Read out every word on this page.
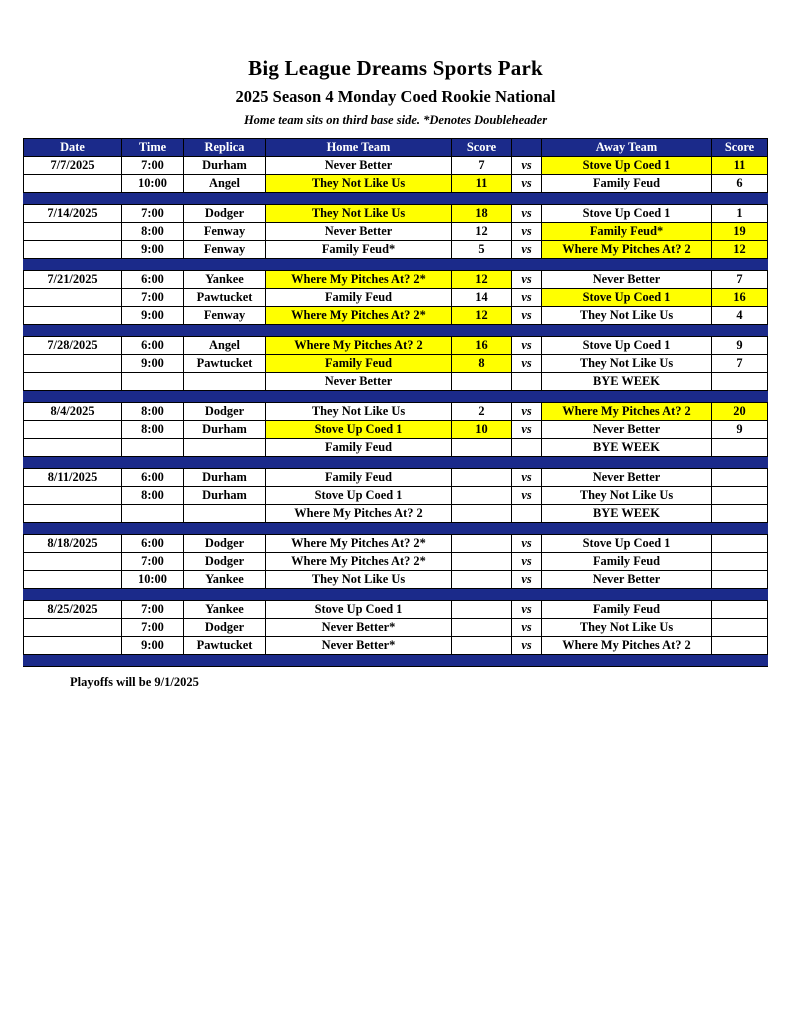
Big League Dreams Sports Park
2025 Season 4 Monday Coed Rookie National
Home team sits on third base side. *Denotes Doubleheader
Date	Time	Replica	Home Team	Score		Away Team	Score
7/7/2025	7:00	Durham	Never Better	7	vs	Stove Up Coed 1	11
	10:00	Angel	They Not Like Us	11	vs	Family Feud	6

7/14/2025	7:00	Dodger	They Not Like Us	18	vs	Stove Up Coed 1	1
	8:00	Fenway	Never Better	12	vs	Family Feud*	19
	9:00	Fenway	Family Feud*	5	vs	Where My Pitches At? 2	12

7/21/2025	6:00	Yankee	Where My Pitches At? 2*	12	vs	Never Better	7
	7:00	Pawtucket	Family Feud	14	vs	Stove Up Coed 1	16
	9:00	Fenway	Where My Pitches At? 2*	12	vs	They Not Like Us	4

7/28/2025	6:00	Angel	Where My Pitches At? 2	16	vs	Stove Up Coed 1	9
	9:00	Pawtucket	Family Feud	8	vs	They Not Like Us	7
			Never Better			BYE WEEK	

8/4/2025	8:00	Dodger	They Not Like Us	2	vs	Where My Pitches At? 2	20
	8:00	Durham	Stove Up Coed 1	10	vs	Never Better	9
			Family Feud			BYE WEEK	

8/11/2025	6:00	Durham	Family Feud		vs	Never Better	
	8:00	Durham	Stove Up Coed 1		vs	They Not Like Us	
			Where My Pitches At? 2			BYE WEEK	

8/18/2025	6:00	Dodger	Where My Pitches At? 2*		vs	Stove Up Coed 1	
	7:00	Dodger	Where My Pitches At? 2*		vs	Family Feud	
	10:00	Yankee	They Not Like Us		vs	Never Better	

8/25/2025	7:00	Yankee	Stove Up Coed 1		vs	Family Feud	
	7:00	Dodger	Never Better*		vs	They Not Like Us	
	9:00	Pawtucket	Never Better*		vs	Where My Pitches At? 2	

Playoffs will be 9/1/2025
